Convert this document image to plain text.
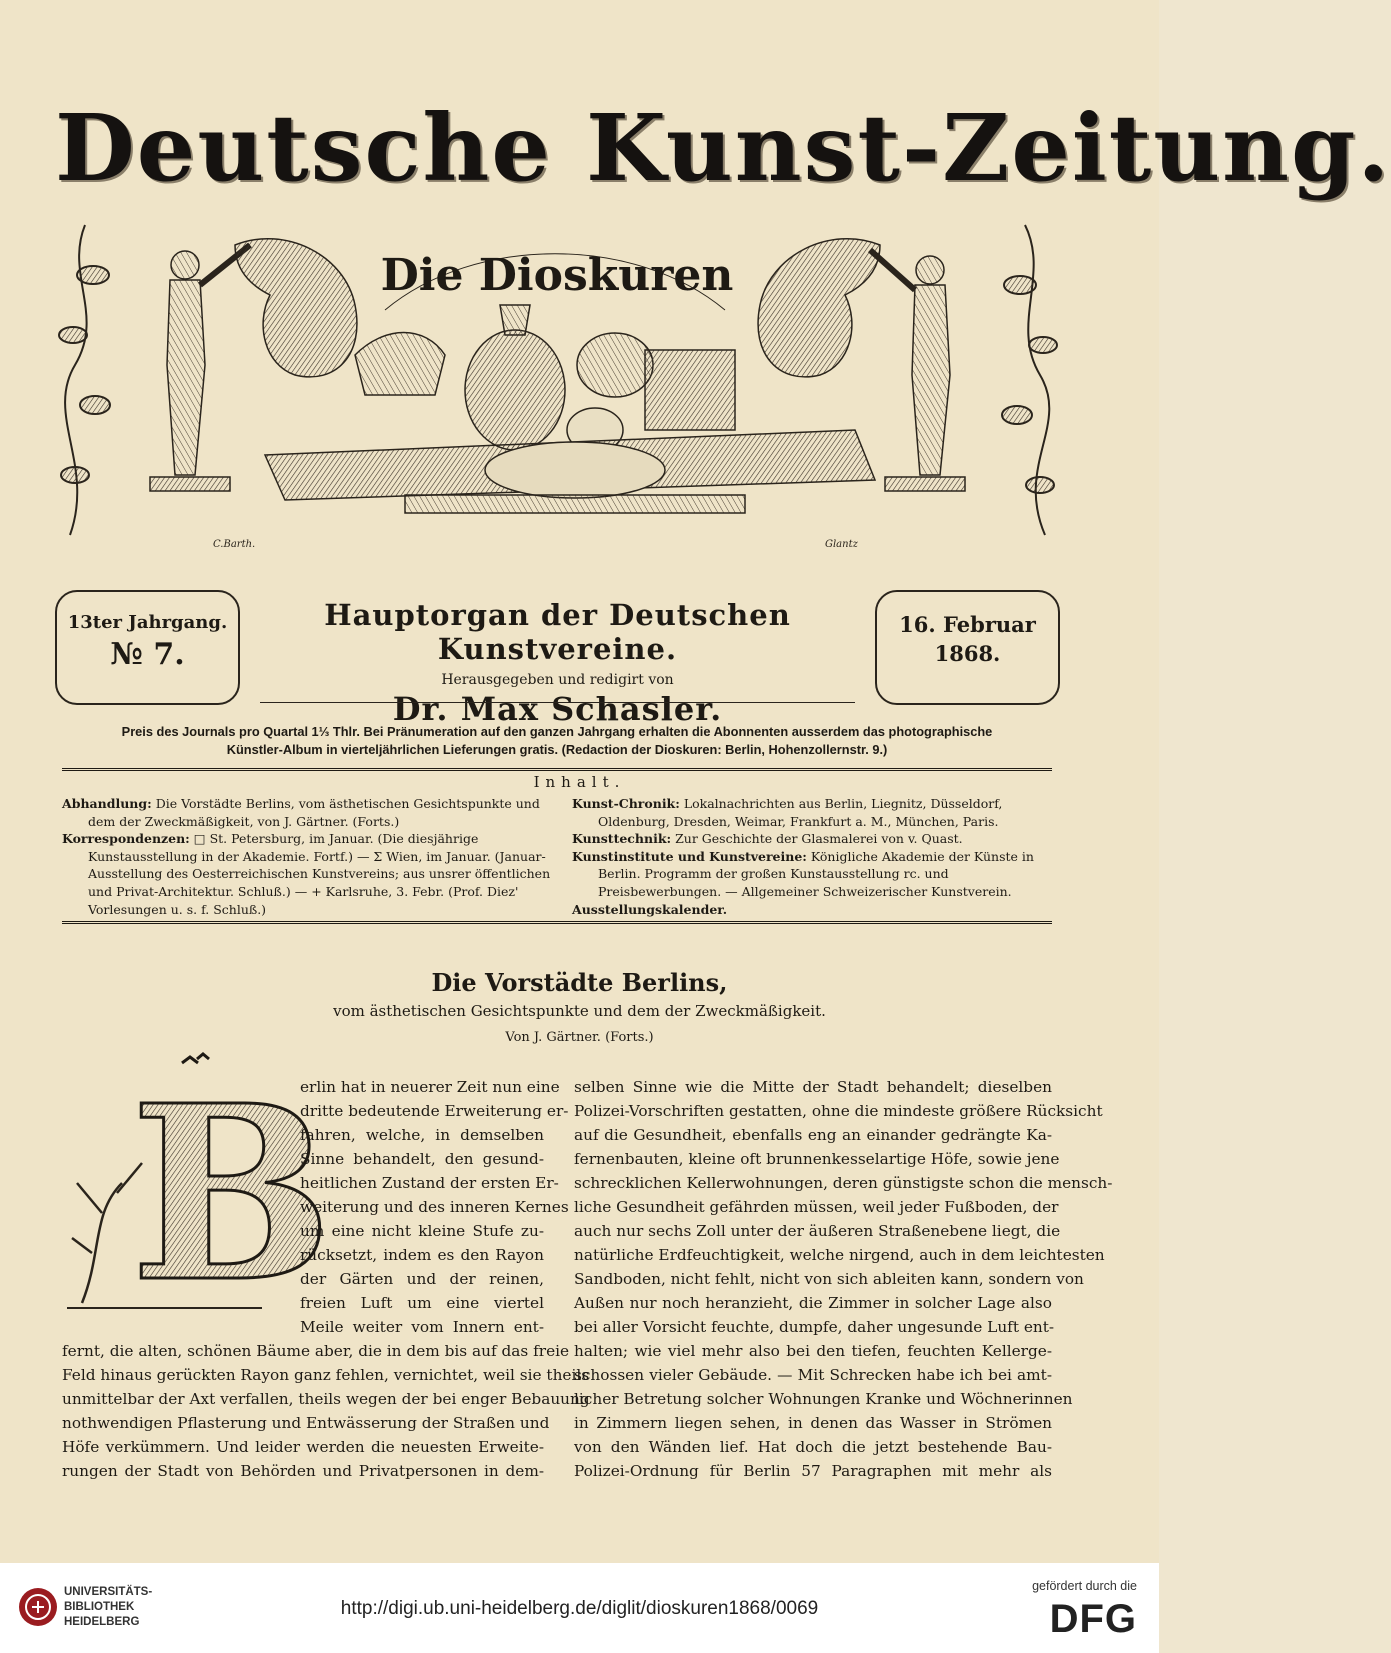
Deutsche Kunst-Zeitung.
Die Dioskuren
C.Barth.	Glantz
13ter Jahrgang.
№ 7.
Hauptorgan der Deutschen Kunstvereine.
Herausgegeben und redigirt von
Dr. Max Schasler.
16. Februar
1868.
Preis des Journals pro Quartal 1⅓ Thlr. Bei Pränumeration auf den ganzen Jahrgang erhalten die Abonnenten ausserdem das photographische
Künstler-Album in vierteljährlichen Lieferungen gratis. (Redaction der Dioskuren: Berlin, Hohenzollernstr. 9.)
Inhalt.
Abhandlung: Die Vorstädte Berlins, vom ästhetischen Gesichtspunkte und dem der Zweckmäßigkeit, von J. Gärtner. (Forts.)
Korrespondenzen: □ St. Petersburg, im Januar. (Die diesjährige Kunstausstellung in der Akademie. Fortf.) — Σ Wien, im Januar. (Januar-Ausstellung des Oesterreichischen Kunstvereins; aus unsrer öffentlichen und Privat-Architektur. Schluß.) — + Karlsruhe, 3. Febr. (Prof. Diez' Vorlesungen u. s. f. Schluß.)
Kunst-Chronik: Lokalnachrichten aus Berlin, Liegnitz, Düsseldorf, Oldenburg, Dresden, Weimar, Frankfurt a. M., München, Paris.
Kunsttechnik: Zur Geschichte der Glasmalerei von v. Quast.
Kunstinstitute und Kunstvereine: Königliche Akademie der Künste in Berlin. Programm der großen Kunstausstellung rc. und Preisbewerbungen. — Allgemeiner Schweizerischer Kunstverein.
Ausstellungskalender.
Die Vorstädte Berlins,
vom ästhetischen Gesichtspunkte und dem der Zweckmäßigkeit.
Von J. Gärtner. (Forts.)
B
erlin hat in neuerer Zeit nun eine
dritte bedeutende Erweiterung er-
fahren, welche, in demselben
Sinne behandelt, den gesund-
heitlichen Zustand der ersten Er-
weiterung und des inneren Kernes
um eine nicht kleine Stufe zu-
rücksetzt, indem es den Rayon
der Gärten und der reinen,
freien Luft um eine viertel
Meile weiter vom Innern ent-
fernt, die alten, schönen Bäume aber, die in dem bis auf das freie
Feld hinaus gerückten Rayon ganz fehlen, vernichtet, weil sie theils
unmittelbar der Axt verfallen, theils wegen der bei enger Bebauung
nothwendigen Pflasterung und Entwässerung der Straßen und
Höfe verkümmern. Und leider werden die neuesten Erweite-
rungen der Stadt von Behörden und Privatpersonen in dem-
selben Sinne wie die Mitte der Stadt behandelt; dieselben
Polizei-Vorschriften gestatten, ohne die mindeste größere Rücksicht
auf die Gesundheit, ebenfalls eng an einander gedrängte Ka-
fernenbauten, kleine oft brunnenkesselartige Höfe, sowie jene
schrecklichen Kellerwohnungen, deren günstigste schon die mensch-
liche Gesundheit gefährden müssen, weil jeder Fußboden, der
auch nur sechs Zoll unter der äußeren Straßenebene liegt, die
natürliche Erdfeuchtigkeit, welche nirgend, auch in dem leichtesten
Sandboden, nicht fehlt, nicht von sich ableiten kann, sondern von
Außen nur noch heranzieht, die Zimmer in solcher Lage also
bei aller Vorsicht feuchte, dumpfe, daher ungesunde Luft ent-
halten; wie viel mehr also bei den tiefen, feuchten Kellerge-
schossen vieler Gebäude. — Mit Schrecken habe ich bei amt-
licher Betretung solcher Wohnungen Kranke und Wöchnerinnen
in Zimmern liegen sehen, in denen das Wasser in Strömen
von den Wänden lief. Hat doch die jetzt bestehende Bau-
Polizei-Ordnung für Berlin 57 Paragraphen mit mehr als
UNIVERSITÄTS-
BIBLIOTHEK
HEIDELBERG
http://digi.ub.uni-heidelberg.de/diglit/dioskuren1868/0069
gefördert durch die
DFG
